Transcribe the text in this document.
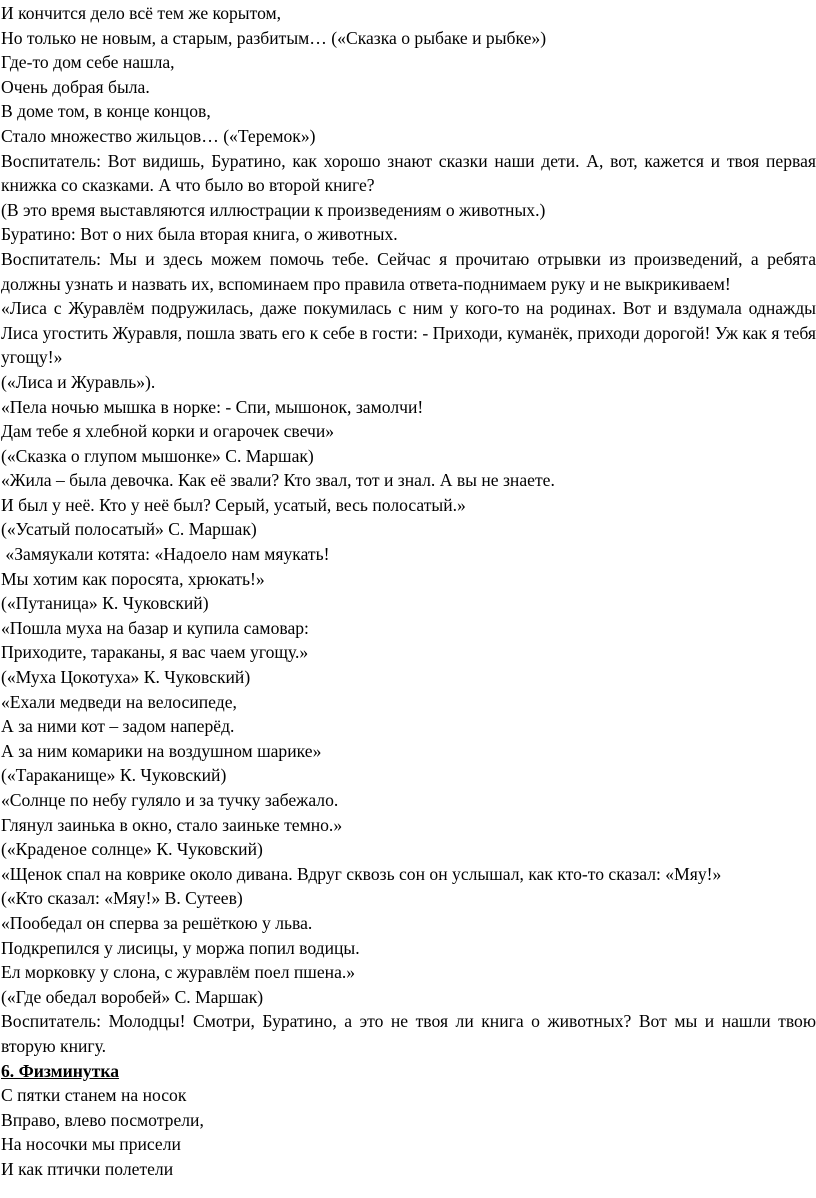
И кончится дело всё тем же корытом,

Но только не новым, а старым, разбитым… («Сказка о рыбаке и рыбке»)

Где-то дом себе нашла,

Очень добрая была.

В доме том, в конце концов,

Стало множество жильцов… («Теремок»)

Воспитатель: Вот видишь, Буратино, как хорошо знают сказки наши дети. А, вот, кажется и твоя первая книжка со сказками. А что было во второй книге?

(В это время выставляются иллюстрации к произведениям о животных.)

Буратино: Вот о них была вторая книга, о животных.

Воспитатель: Мы и здесь можем помочь тебе. Сейчас я прочитаю отрывки из произведений, а ребята должны узнать и назвать их, вспоминаем про правила ответа-поднимаем руку и не выкрикиваем!

«Лиса с Журавлём подружилась, даже покумилась с ним у кого-то на родинах. Вот и вздумала однажды Лиса угостить Журавля, пошла звать его к себе в гости: - Приходи, куманёк, приходи дорогой! Уж как я тебя угощу!»

(«Лиса и Журавль»).

«Пела ночью мышка в норке: - Спи, мышонок, замолчи!

Дам тебе я хлебной корки и огарочек свечи»

(«Сказка о глупом мышонке» С. Маршак)

«Жила – была девочка. Как её звали? Кто звал, тот и знал. А вы не знаете.

И был у неё. Кто у неё был? Серый, усатый, весь полосатый.»

(«Усатый полосатый» С. Маршак)

«Замяукали котята: «Надоело нам мяукать!

Мы хотим как поросята, хрюкать!»

(«Путаница» К. Чуковский)

«Пошла муха на базар и купила самовар:

Приходите, тараканы, я вас чаем угощу.»

(«Муха Цокотуха» К. Чуковский)

«Ехали медведи на велосипеде,

А за ними кот – задом наперёд.

А за ним комарики на воздушном шарике»

(«Тараканище» К. Чуковский)

«Солнце по небу гуляло и за тучку забежало.

Глянул заинька в окно, стало заиньке темно.»

(«Краденое солнце» К. Чуковский)

«Щенок спал на коврике около дивана. Вдруг сквозь сон он услышал, как кто-то сказал: «Мяу!»

(«Кто сказал: «Мяу!» В. Сутеев)

«Пообедал он сперва за решёткою у льва.

Подкрепился у лисицы, у моржа попил водицы.

Ел морковку у слона, с журавлём поел пшена.»

(«Где обедал воробей» С. Маршак)

Воспитатель: Молодцы! Смотри, Буратино, а это не твоя ли книга о животных? Вот мы и нашли твою вторую книгу.

6. Физминутка

С пятки станем на носок

Вправо, влево посмотрели,

На носочки мы присели

И как птички полетели
